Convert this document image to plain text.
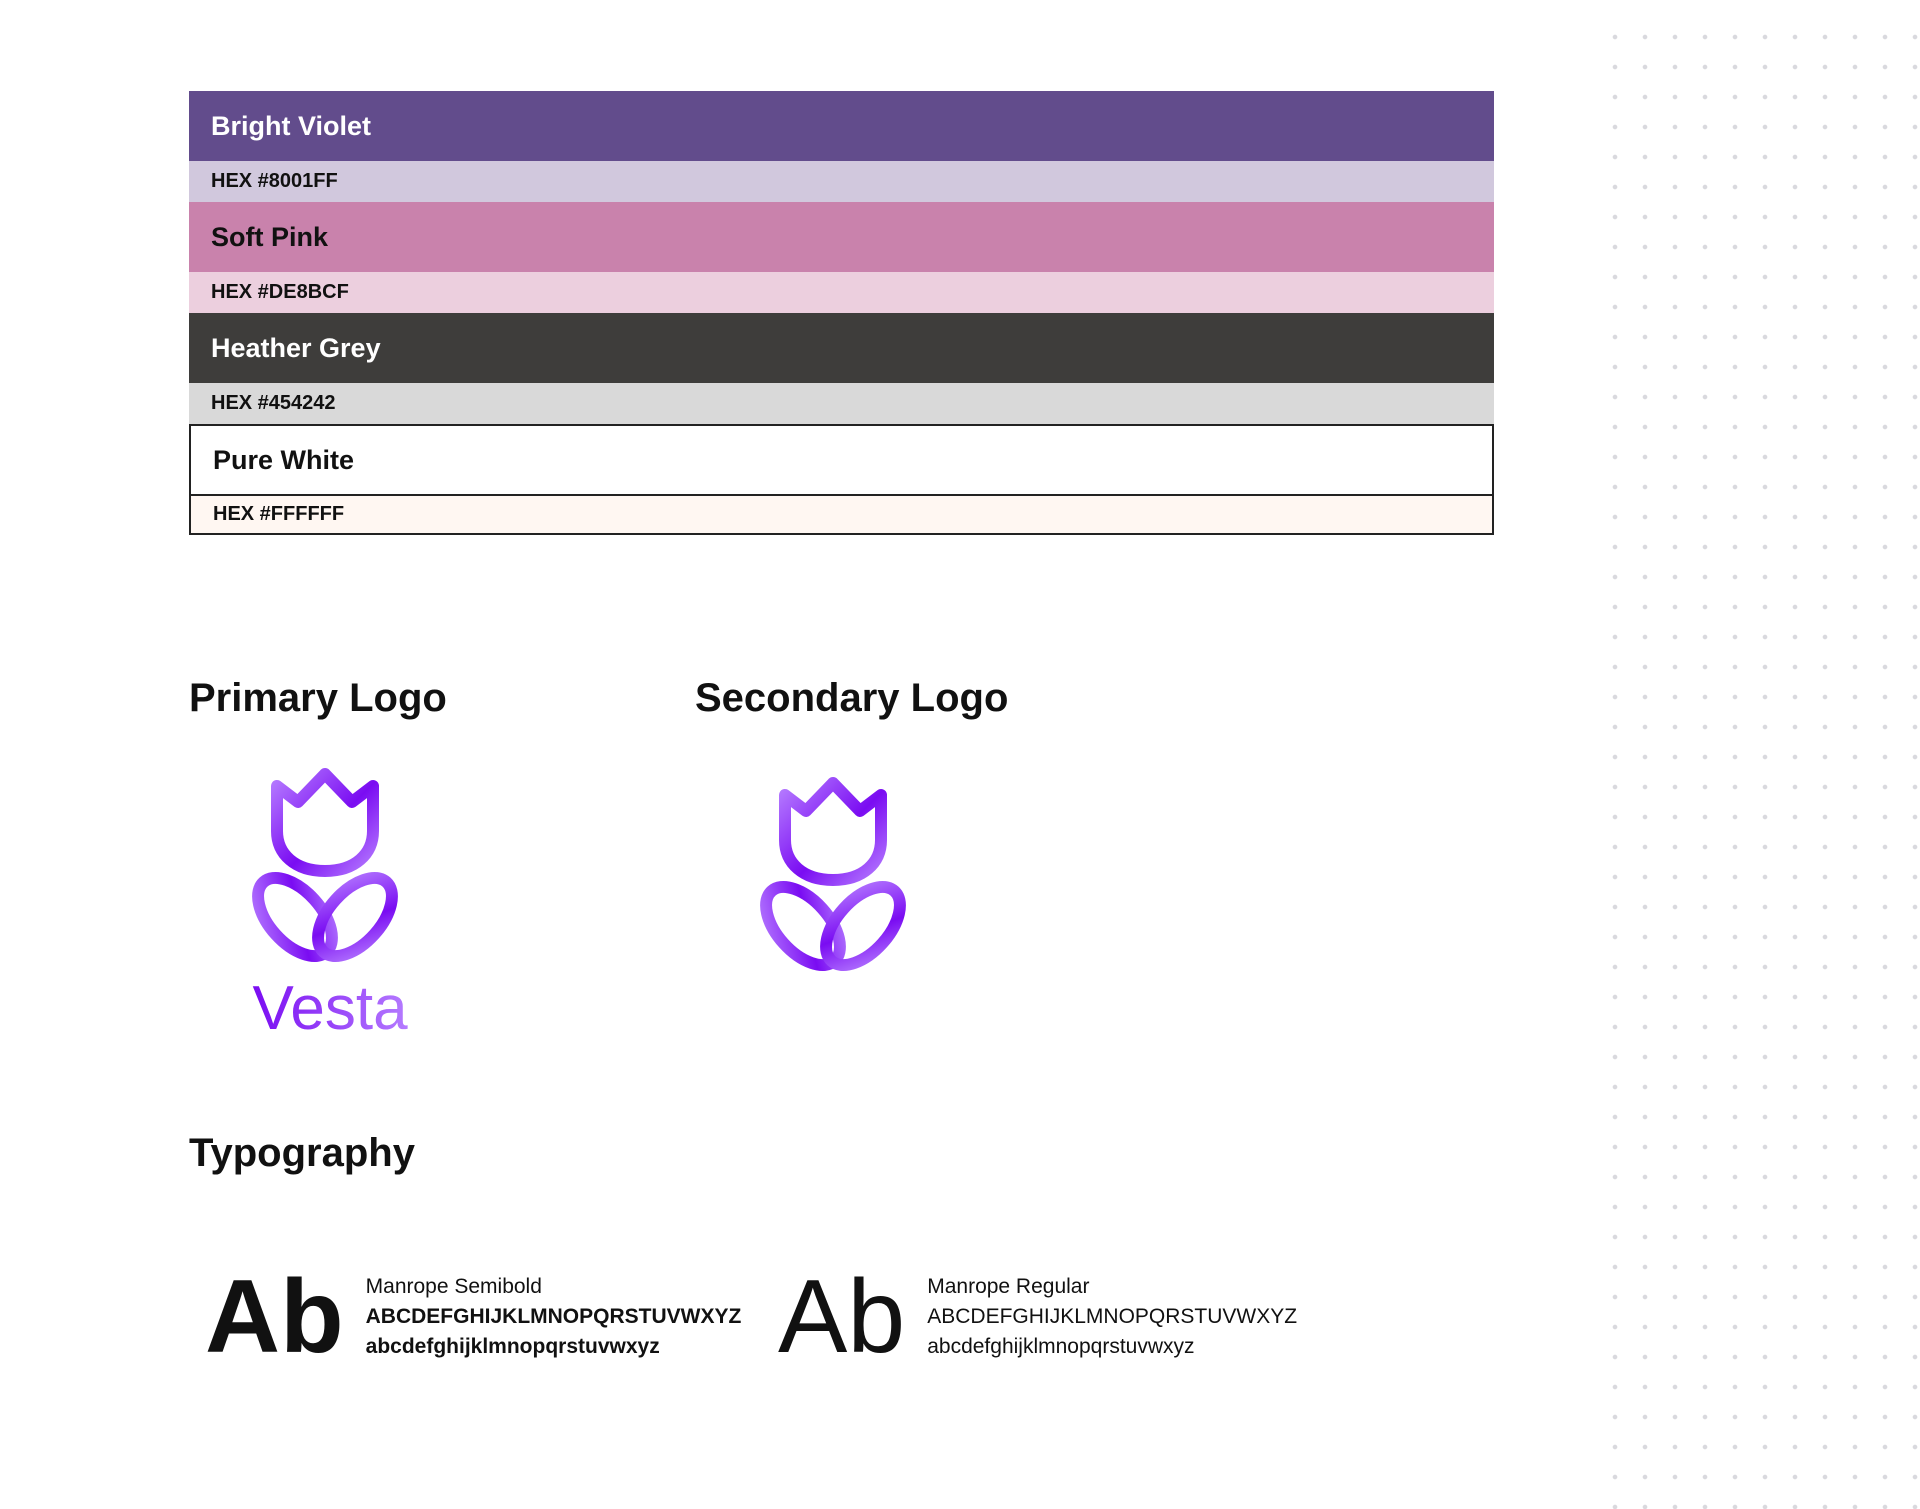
Bright Violet
HEX #8001FF
Soft Pink
HEX #DE8BCF
Heather Grey
HEX #454242
Pure White
HEX #FFFFFF
Primary Logo	Secondary Logo
Vesta
Typography
Ab Manrope Semibold
ABCDEFGHIJKLMNOPQRSTUVWXYZ
abcdefghijklmnopqrstuvwxyz	Ab Manrope Regular
ABCDEFGHIJKLMNOPQRSTUVWXYZ
abcdefghijklmnopqrstuvwxyz
